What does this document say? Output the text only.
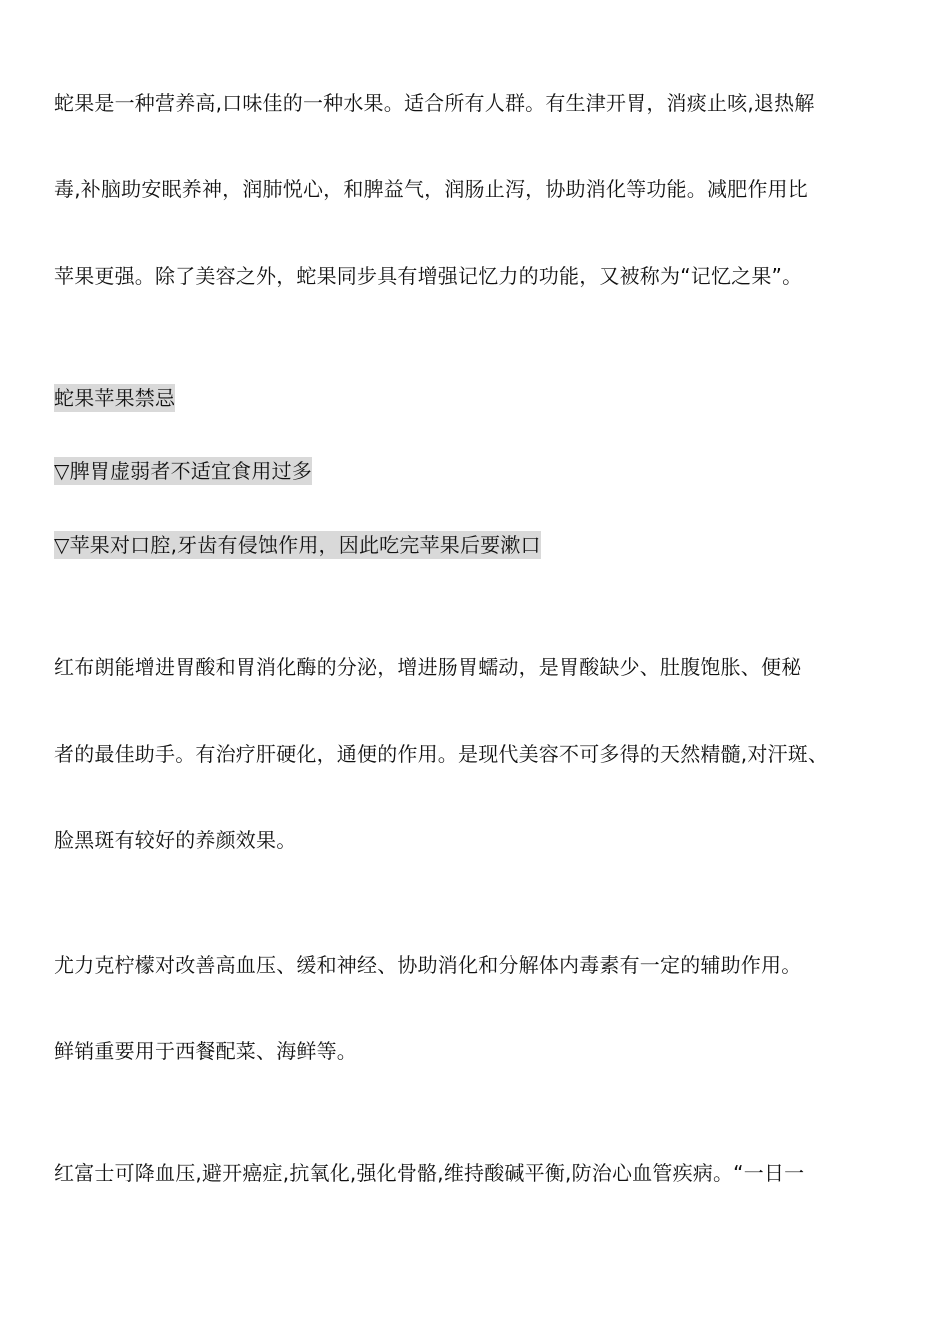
蛇果是一种营养高,口味佳的一种水果。适合所有人群。有生津开胃，消痰止咳,退热解
毒,补脑助安眠养神，润肺悦心，和脾益气，润肠止泻，协助消化等功能。减肥作用比
苹果更强。除了美容之外，蛇果同步具有增强记忆力的功能，又被称为“记忆之果”。
蛇果苹果禁忌
▽脾胃虚弱者不适宜食用过多
▽苹果对口腔,牙齿有侵蚀作用，因此吃完苹果后要漱口
红布朗能增进胃酸和胃消化酶的分泌，增进肠胃蠕动，是胃酸缺少、肚腹饱胀、便秘
者的最佳助手。有治疗肝硬化，通便的作用。是现代美容不可多得的天然精髓,对汗斑、
脸黑斑有较好的养颜效果。
尤力克柠檬对改善高血压、缓和神经、协助消化和分解体内毒素有一定的辅助作用。
鲜销重要用于西餐配菜、海鲜等。
红富士可降血压,避开癌症,抗氧化,强化骨骼,维持酸碱平衡,防治心血管疾病。“一日一
